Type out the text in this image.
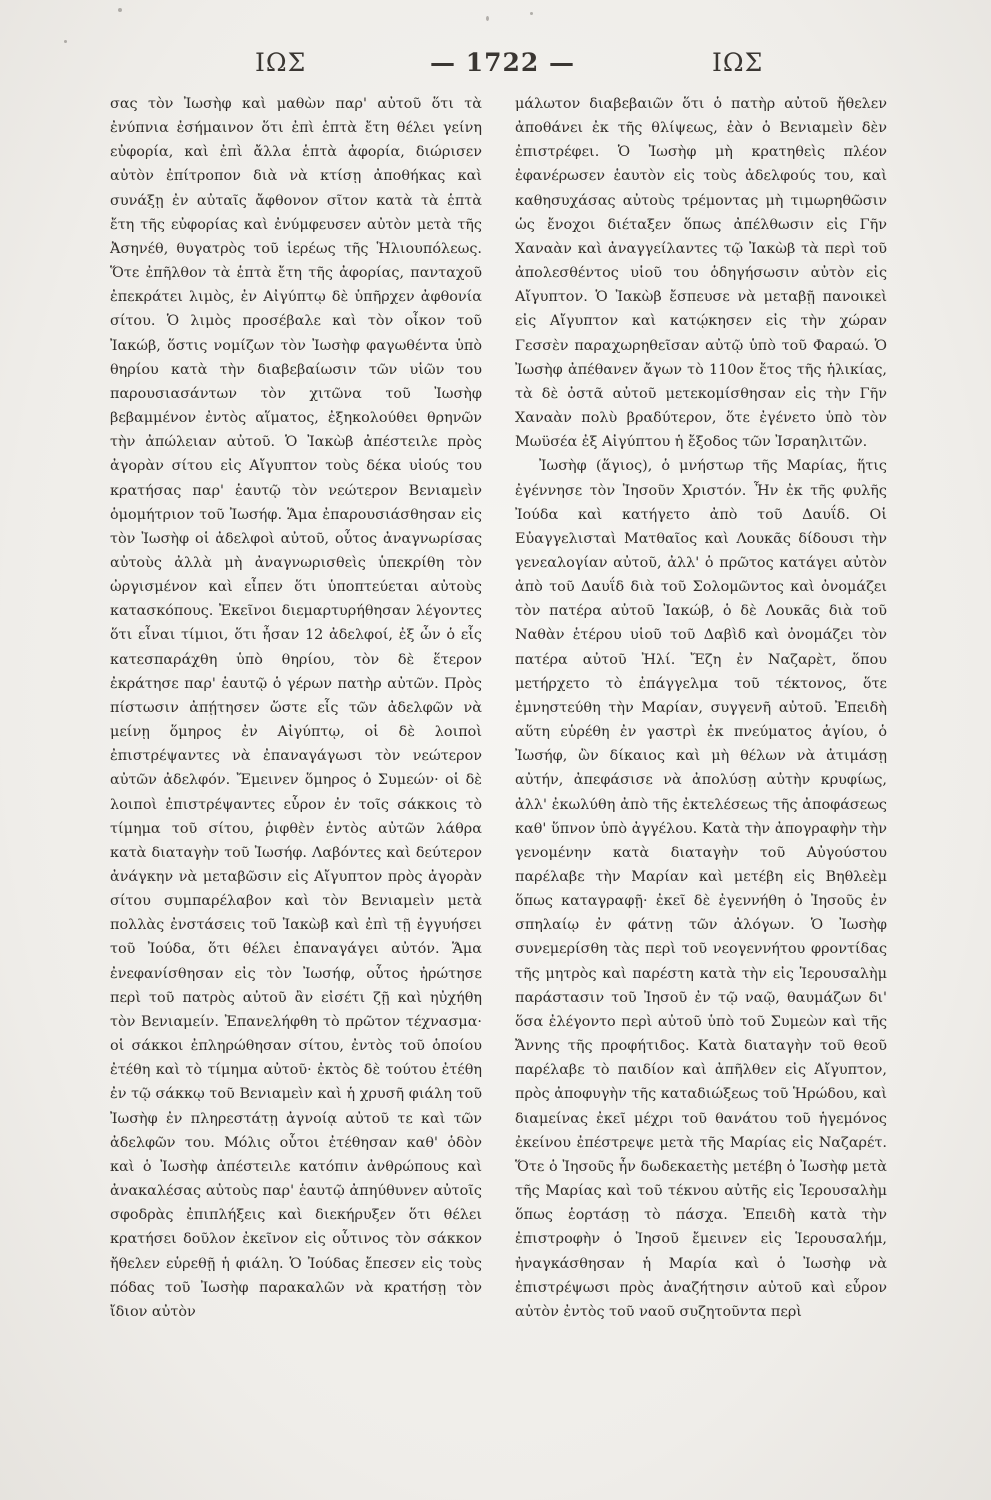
ΙΩΣ	— 1722 —	ΙΩΣ

σας τὸν Ἰωσὴφ καὶ μαθὼν παρ' αὐτοῦ ὅτι τὰ ἐνύπνια ἐσήμαινον ὅτι ἐπὶ ἑπτὰ ἔτη θέλει γείνη εὐφορία, καὶ ἐπὶ ἄλλα ἑπτὰ ἀφορία, διώρισεν αὐτὸν ἐπίτροπον διὰ νὰ κτίσῃ ἀποθήκας καὶ συνάξῃ ἐν αὐταῖς ἄφθονον σῖτον κατὰ τὰ ἑπτὰ ἔτη τῆς εὐφορίας καὶ ἐνύμφευσεν αὐτὸν μετὰ τῆς Ἀσηνέθ, θυγατρὸς τοῦ ἱερέως τῆς Ἡλιουπόλεως. Ὅτε ἐπῆλθον τὰ ἑπτὰ ἔτη τῆς ἀφορίας, πανταχοῦ ἐπεκράτει λιμὸς, ἐν Αἰγύπτῳ δὲ ὑπῆρχεν ἀφθονία σίτου. Ὁ λιμὸς προσέβαλε καὶ τὸν οἶκον τοῦ Ἰακώβ, ὅστις νομίζων τὸν Ἰωσὴφ φαγωθέντα ὑπὸ θηρίου κατὰ τὴν διαβεβαίωσιν τῶν υἱῶν του παρουσιασάντων τὸν χιτῶνα τοῦ Ἰωσὴφ βεβαμμένον ἐντὸς αἵματος, ἐξηκολούθει θρηνῶν τὴν ἀπώλειαν αὐτοῦ. Ὁ Ἰακὼβ ἀπέστειλε πρὸς ἀγορὰν σίτου εἰς Αἴγυπτον τοὺς δέκα υἱούς του κρατήσας παρ' ἑαυτῷ τὸν νεώτερον Βενιαμεὶν ὁμομήτριον τοῦ Ἰωσήφ. Ἅμα ἐπαρουσιάσθησαν εἰς τὸν Ἰωσὴφ οἱ ἀδελφοὶ αὐτοῦ, οὗτος ἀναγνωρίσας αὐτοὺς ἀλλὰ μὴ ἀναγνωρισθεὶς ὑπεκρίθη τὸν ὠργισμένον καὶ εἶπεν ὅτι ὑποπτεύεται αὐτοὺς κατασκόπους. Ἐκεῖνοι διεμαρτυρήθησαν λέγοντες ὅτι εἶναι τίμιοι, ὅτι ἦσαν 12 ἀδελφοί, ἐξ ὧν ὁ εἷς κατεσπαράχθη ὑπὸ θηρίου, τὸν δὲ ἕτερον ἐκράτησε παρ' ἑαυτῷ ὁ γέρων πατὴρ αὐτῶν. Πρὸς πίστωσιν ἀπῄτησεν ὥστε εἷς τῶν ἀδελφῶν νὰ μείνῃ ὅμηρος ἐν Αἰγύπτῳ, οἱ δὲ λοιποὶ ἐπιστρέψαντες νὰ ἐπαναγάγωσι τὸν νεώτερον αὐτῶν ἀδελφόν. Ἔμεινεν ὅμηρος ὁ Συμεών· οἱ δὲ λοιποὶ ἐπιστρέψαντες εὗρον ἐν τοῖς σάκκοις τὸ τίμημα τοῦ σίτου, ῥιφθὲν ἐντὸς αὐτῶν λάθρα κατὰ διαταγὴν τοῦ Ἰωσήφ. Λαβόντες καὶ δεύτερον ἀνάγκην νὰ μεταβῶσιν εἰς Αἴγυπτον πρὸς ἀγορὰν σίτου συμπαρέλαβον καὶ τὸν Βενιαμεὶν μετὰ πολλὰς ἐνστάσεις τοῦ Ἰακὼβ καὶ ἐπὶ τῇ ἐγγυήσει τοῦ Ἰούδα, ὅτι θέλει ἐπαναγάγει αὐτόν. Ἅμα ἐνεφανίσθησαν εἰς τὸν Ἰωσήφ, οὗτος ἠρώτησε περὶ τοῦ πατρὸς αὐτοῦ ἂν εἰσέτι ζῇ καὶ ηὐχήθη τὸν Βενιαμείν. Ἐπανελήφθη τὸ πρῶτον τέχνασμα· οἱ σάκκοι ἐπληρώθησαν σίτου, ἐντὸς τοῦ ὁποίου ἐτέθη καὶ τὸ τίμημα αὐτοῦ· ἐκτὸς δὲ τούτου ἐτέθη ἐν τῷ σάκκῳ τοῦ Βενιαμεὶν καὶ ἡ χρυσῆ φιάλη τοῦ Ἰωσὴφ ἐν πληρεστάτῃ ἀγνοίᾳ αὐτοῦ τε καὶ τῶν ἀδελφῶν του. Μόλις οὗτοι ἐτέθησαν καθ' ὁδὸν καὶ ὁ Ἰωσὴφ ἀπέστειλε κατόπιν ἀνθρώπους καὶ ἀνακαλέσας αὐτοὺς παρ' ἑαυτῷ ἀπηύθυνεν αὐτοῖς σφοδρὰς ἐπιπλήξεις καὶ διεκήρυξεν ὅτι θέλει κρατήσει δοῦλον ἐκεῖνον εἰς οὗτινος τὸν σάκκον ἤθελεν εὑρεθῇ ἡ φιάλη. Ὁ Ἰούδας ἔπεσεν εἰς τοὺς πόδας τοῦ Ἰωσὴφ παρακαλῶν νὰ κρατήσῃ τὸν ἴδιον αὐτὸν

μάλωτον διαβεβαιῶν ὅτι ὁ πατὴρ αὐτοῦ ἤθελεν ἀποθάνει ἐκ τῆς θλίψεως, ἐὰν ὁ Βενιαμεὶν δὲν ἐπιστρέφει. Ὁ Ἰωσὴφ μὴ κρατηθεὶς πλέον ἐφανέρωσεν ἑαυτὸν εἰς τοὺς ἀδελφούς του, καὶ καθησυχάσας αὐτοὺς τρέμοντας μὴ τιμωρηθῶσιν ὡς ἔνοχοι διέταξεν ὅπως ἀπέλθωσιν εἰς Γῆν Χαναὰν καὶ ἀναγγείλαντες τῷ Ἰακὼβ τὰ περὶ τοῦ ἀπολεσθέντος υἱοῦ του ὁδηγήσωσιν αὐτὸν εἰς Αἴγυπτον. Ὁ Ἰακὼβ ἔσπευσε νὰ μεταβῇ πανοικεὶ εἰς Αἴγυπτον καὶ κατῴκησεν εἰς τὴν χώραν Γεσσὲν παραχωρηθεῖσαν αὐτῷ ὑπὸ τοῦ Φαραώ. Ὁ Ἰωσὴφ ἀπέθανεν ἄγων τὸ 110ον ἔτος τῆς ἡλικίας, τὰ δὲ ὀστᾶ αὐτοῦ μετεκομίσθησαν εἰς τὴν Γῆν Χαναὰν πολὺ βραδύτερον, ὅτε ἐγένετο ὑπὸ τὸν Μωϋσέα ἐξ Αἰγύπτου ἡ ἔξοδος τῶν Ἰσραηλιτῶν.

Ἰωσὴφ (ἅγιος), ὁ μνήστωρ τῆς Μαρίας, ἥτις ἐγέννησε τὸν Ἰησοῦν Χριστόν. Ἦν ἐκ τῆς φυλῆς Ἰούδα καὶ κατήγετο ἀπὸ τοῦ Δαυΐδ. Οἱ Εὐαγγελισταὶ Ματθαῖος καὶ Λουκᾶς δίδουσι τὴν γενεαλογίαν αὐτοῦ, ἀλλ' ὁ πρῶτος κατάγει αὐτὸν ἀπὸ τοῦ Δαυΐδ διὰ τοῦ Σολομῶντος καὶ ὀνομάζει τὸν πατέρα αὐτοῦ Ἰακώβ, ὁ δὲ Λουκᾶς διὰ τοῦ Ναθὰν ἑτέρου υἱοῦ τοῦ Δαβὶδ καὶ ὀνομάζει τὸν πατέρα αὐτοῦ Ἠλί. Ἔζη ἐν Ναζαρὲτ, ὅπου μετήρχετο τὸ ἐπάγγελμα τοῦ τέκτονος, ὅτε ἐμνηστεύθη τὴν Μαρίαν, συγγενῆ αὐτοῦ. Ἐπειδὴ αὕτη εὑρέθη ἐν γαστρὶ ἐκ πνεύματος ἁγίου, ὁ Ἰωσήφ, ὢν δίκαιος καὶ μὴ θέλων νὰ ἀτιμάσῃ αὐτήν, ἀπεφάσισε νὰ ἀπολύσῃ αὐτὴν κρυφίως, ἀλλ' ἐκωλύθη ἀπὸ τῆς ἐκτελέσεως τῆς ἀποφάσεως καθ' ὕπνον ὑπὸ ἀγγέλου. Κατὰ τὴν ἀπογραφὴν τὴν γενομένην κατὰ διαταγὴν τοῦ Αὐγούστου παρέλαβε τὴν Μαρίαν καὶ μετέβη εἰς Βηθλεὲμ ὅπως καταγραφῇ· ἐκεῖ δὲ ἐγεννήθη ὁ Ἰησοῦς ἐν σπηλαίῳ ἐν φάτνῃ τῶν ἀλόγων. Ὁ Ἰωσὴφ συνεμερίσθη τὰς περὶ τοῦ νεογεννήτου φροντίδας τῆς μητρὸς καὶ παρέστη κατὰ τὴν εἰς Ἱερουσαλὴμ παράστασιν τοῦ Ἰησοῦ ἐν τῷ ναῷ, θαυμάζων δι' ὅσα ἐλέγοντο περὶ αὐτοῦ ὑπὸ τοῦ Συμεὼν καὶ τῆς Ἄννης τῆς προφήτιδος. Κατὰ διαταγὴν τοῦ θεοῦ παρέλαβε τὸ παιδίον καὶ ἀπῆλθεν εἰς Αἴγυπτον, πρὸς ἀποφυγὴν τῆς καταδιώξεως τοῦ Ἡρώδου, καὶ διαμείνας ἐκεῖ μέχρι τοῦ θανάτου τοῦ ἡγεμόνος ἐκείνου ἐπέστρεψε μετὰ τῆς Μαρίας εἰς Ναζαρέτ. Ὅτε ὁ Ἰησοῦς ἦν δωδεκαετὴς μετέβη ὁ Ἰωσὴφ μετὰ τῆς Μαρίας καὶ τοῦ τέκνου αὐτῆς εἰς Ἱερουσαλὴμ ὅπως ἑορτάσῃ τὸ πάσχα. Ἐπειδὴ κατὰ τὴν ἐπιστροφὴν ὁ Ἰησοῦ ἔμεινεν εἰς Ἱερουσαλήμ, ἠναγκάσθησαν ἡ Μαρία καὶ ὁ Ἰωσὴφ νὰ ἐπιστρέψωσι πρὸς ἀναζήτησιν αὐτοῦ καὶ εὗρον αὐτὸν ἐντὸς τοῦ ναοῦ συζητοῦντα περὶ
